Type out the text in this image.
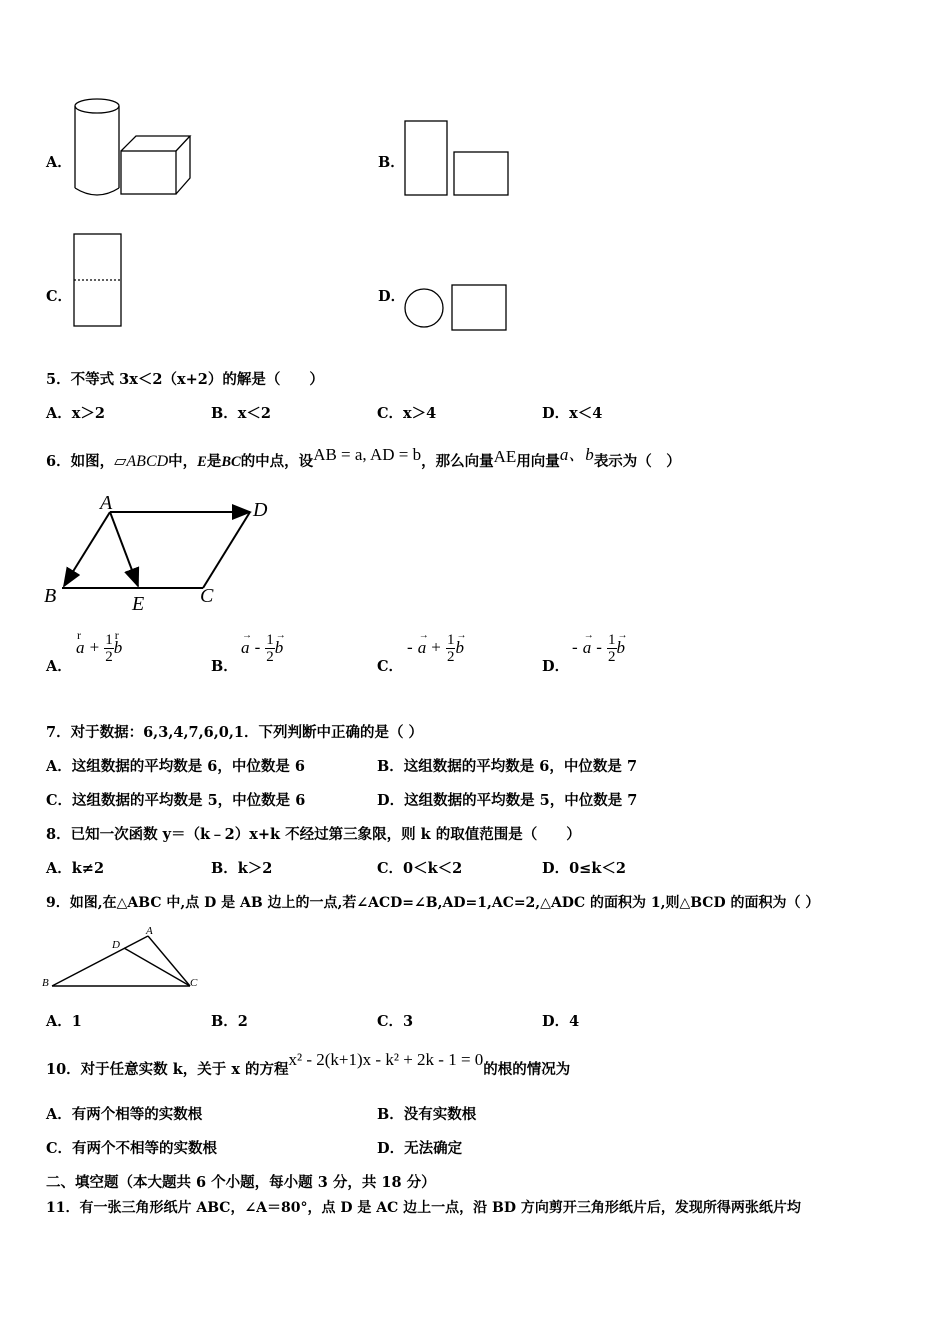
A．	B．
C．	D．
5．不等式 3x＜2（x+2）的解是（　　）
A．x＞2	B．x＜2	C．x＞4	D．x＜4
6．如图，▱ABCD中，E是BC的中点，设AB = a, AD = b，那么向量AE用向量a、b表示为（　）
A	D
B	E	C
A．
r
$a + \frac{1}{2}$ r
b
B．
→
a - $\frac{1}{2}$ →
b
C．
-
→
$a + \frac{1}{2}$ →
b
D．
-
→
a - $\frac{1}{2}$ →
b
7．对于数据：6,3,4,7,6,0,1．下列判断中正确的是（ ）
A．这组数据的平均数是 6，中位数是 6	B．这组数据的平均数是 6，中位数是 7
C．这组数据的平均数是 5，中位数是 6	D．这组数据的平均数是 5，中位数是 7
8．已知一次函数 y＝（k﹣2）x+k 不经过第三象限，则 k 的取值范围是（　　）
A．k≠2	B．k＞2	C．0＜k＜2	D．0≤k＜2
9．如图,在△ABC 中,点 D 是 AB 边上的一点,若∠ACD=∠B,AD=1,AC=2,△ADC 的面积为 1,则△BCD 的面积为（ ）
A
B	C
D
A．1	B．2	C．3	D．4
10．对于任意实数 k，关于 x 的方程x² - 2(k+1)x - k² + 2k - 1 = 0的根的情况为
A．有两个相等的实数根	B．没有实数根
C．有两个不相等的实数根	D．无法确定
二、填空题（本大题共 6 个小题，每小题 3 分，共 18 分）
11．有一张三角形纸片 ABC，∠A＝80°，点 D 是 AC 边上一点，沿 BD 方向剪开三角形纸片后，发现所得两张纸片均
